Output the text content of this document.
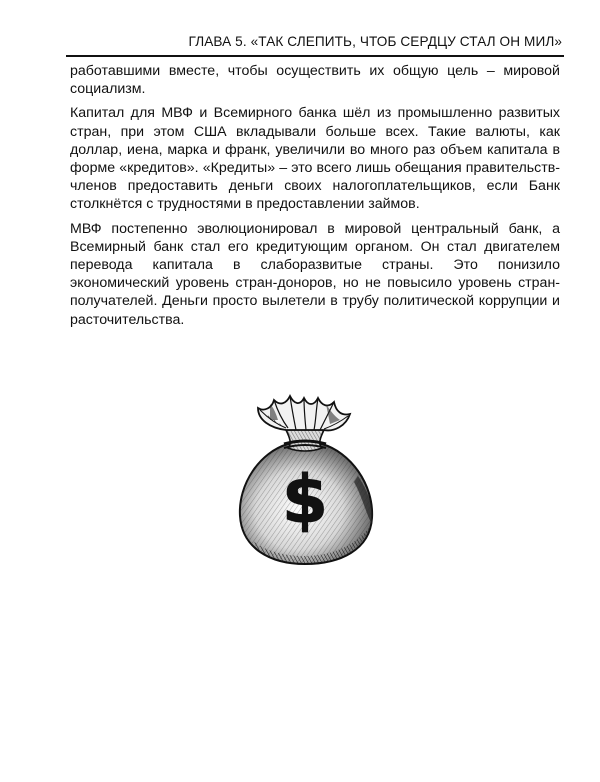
ГЛАВА 5. «ТАК СЛЕПИТЬ, ЧТОБ СЕРДЦУ СТАЛ ОН МИЛ»

работавшими вместе, чтобы осуществить их общую цель – мировой социализм.

Капитал для МВФ и Всемирного банка шёл из промышленно развитых стран, при этом США вкладывали больше всех. Такие валюты, как доллар, иена, марка и франк, увеличили во много раз объем капитала в форме «кредитов». «Кредиты» – это всего лишь обещания правительств-членов предоставить деньги своих налогоплательщиков, если Банк столкнётся с трудностями в предоставлении займов.

МВФ постепенно эволюционировал в мировой центральный банк, а Всемирный банк стал его кредитующим органом. Он стал двигателем перевода капитала в слаборазвитые страны. Это понизило экономический уровень стран-доноров, но не повысило уровень стран-получателей. Деньги просто вылетели в трубу политической коррупции и расточительства.

$
